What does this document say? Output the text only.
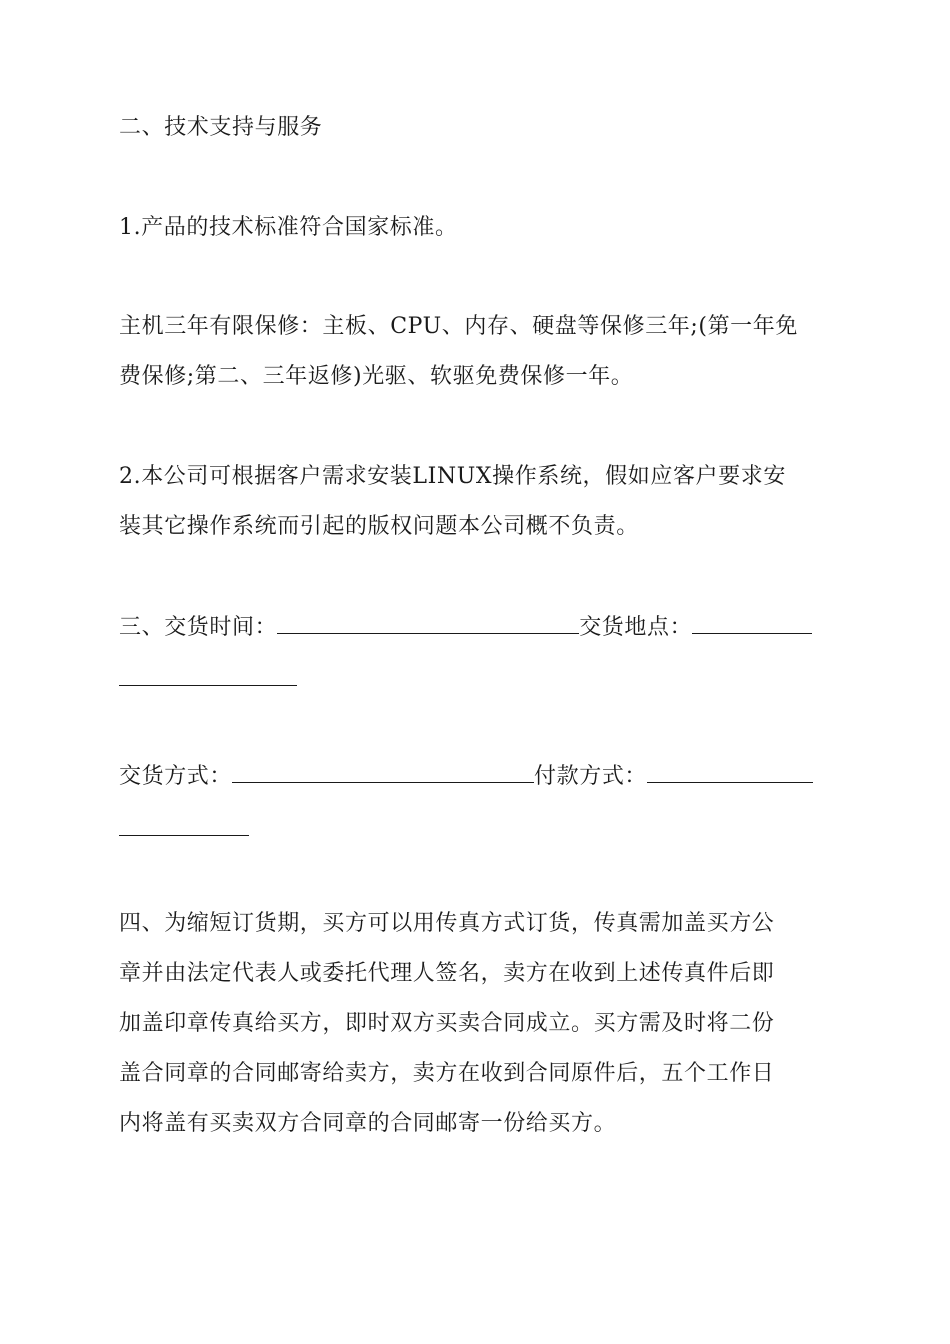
二、技术支持与服务
1.产品的技术标准符合国家标准。
主机三年有限保修：主板、CPU、内存、硬盘等保修三年;(第一年免
费保修;第二、三年返修)光驱、软驱免费保修一年。
2.本公司可根据客户需求安装LINUX操作系统，假如应客户要求安
装其它操作系统而引起的版权问题本公司概不负责。
三、交货时间：	交货地点：
交货方式：	付款方式：
四、为缩短订货期，买方可以用传真方式订货，传真需加盖买方公
章并由法定代表人或委托代理人签名，卖方在收到上述传真件后即
加盖印章传真给买方，即时双方买卖合同成立。买方需及时将二份
盖合同章的合同邮寄给卖方，卖方在收到合同原件后，五个工作日
内将盖有买卖双方合同章的合同邮寄一份给买方。
